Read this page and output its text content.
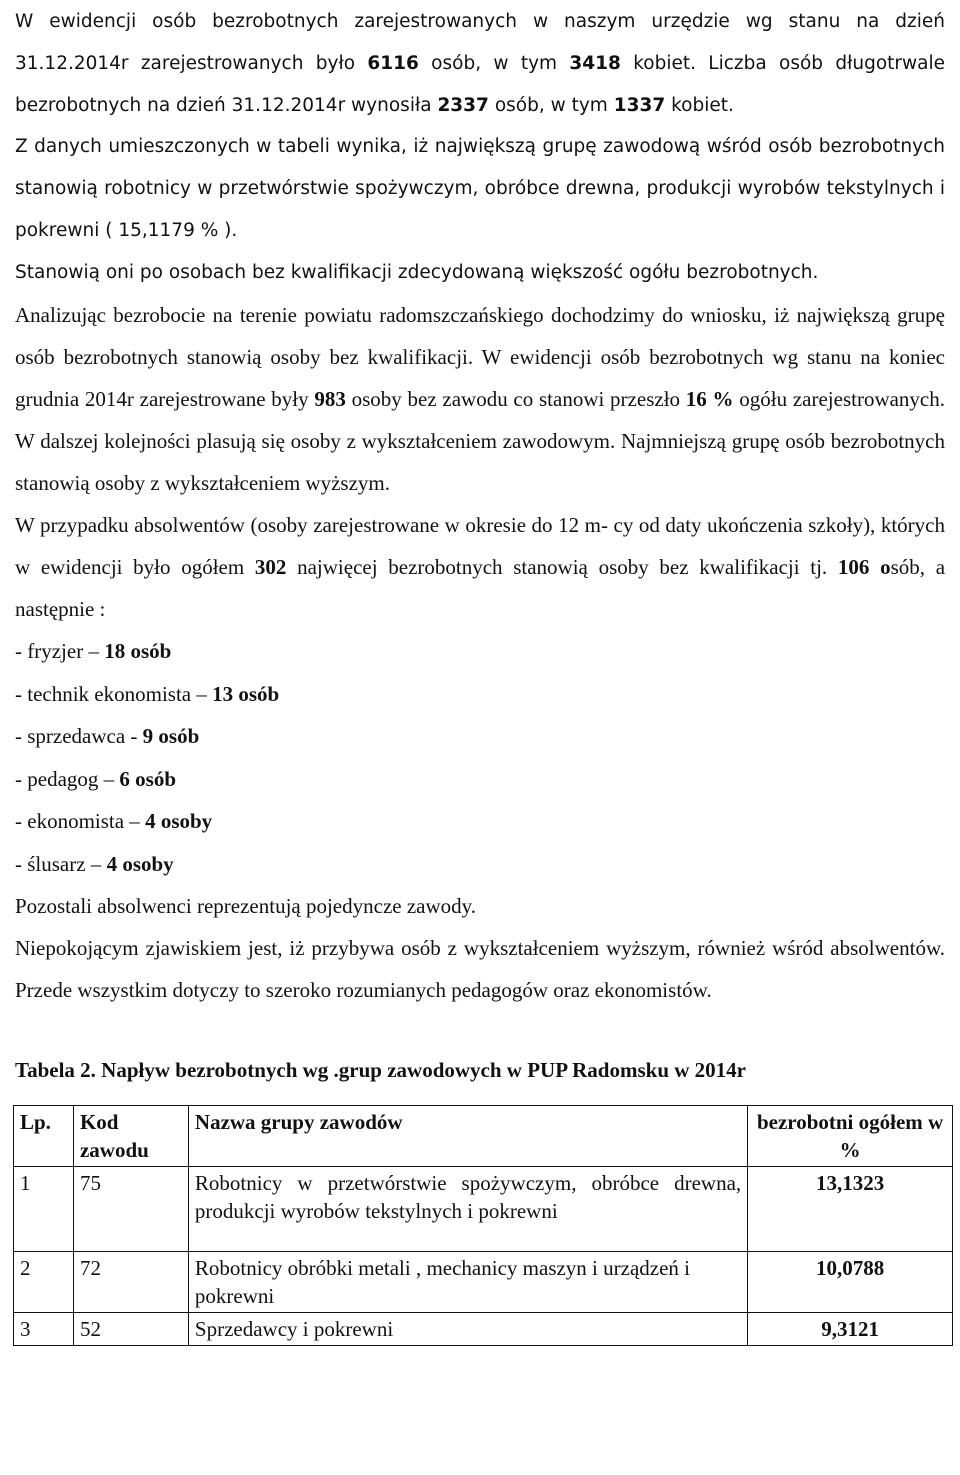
W ewidencji osób bezrobotnych zarejestrowanych w naszym urzędzie wg stanu na dzień 31.12.2014r zarejestrowanych było 6116 osób, w tym 3418 kobiet. Liczba osób długotrwale bezrobotnych na dzień 31.12.2014r wynosiła 2337 osób, w tym 1337 kobiet.

Z danych umieszczonych w tabeli wynika, iż największą grupę zawodową wśród osób bezrobotnych stanowią robotnicy w przetwórstwie spożywczym, obróbce drewna, produkcji wyrobów tekstylnych i pokrewni ( 15,1179 % ).
Stanowią oni po osobach bez kwalifikacji zdecydowaną większość ogółu bezrobotnych.

Analizując bezrobocie na terenie powiatu radomszczańskiego dochodzimy do wniosku, iż największą grupę osób bezrobotnych stanowią osoby bez kwalifikacji. W ewidencji osób bezrobotnych wg stanu na koniec grudnia 2014r zarejestrowane były 983 osoby bez zawodu co stanowi przeszło 16 % ogółu zarejestrowanych. W dalszej kolejności plasują się osoby z wykształceniem zawodowym. Najmniejszą grupę osób bezrobotnych stanowią osoby z wykształceniem wyższym.

W przypadku absolwentów (osoby zarejestrowane w okresie do 12 m- cy od daty ukończenia szkoły), których w ewidencji było ogółem 302 najwięcej bezrobotnych stanowią osoby bez kwalifikacji tj. 106 osób, a następnie :

- fryzjer – 18 osób

- technik ekonomista – 13 osób

- sprzedawca - 9 osób

- pedagog – 6 osób

- ekonomista – 4 osoby

- ślusarz – 4 osoby

Pozostali absolwenci reprezentują pojedyncze zawody.

Niepokojącym zjawiskiem jest, iż przybywa osób z wykształceniem wyższym, również wśród absolwentów. Przede wszystkim dotyczy to szeroko rozumianych pedagogów oraz ekonomistów.

Tabela 2. Napływ bezrobotnych wg .grup zawodowych w PUP Radomsku w 2014r
Lp.	Kod zawodu	Nazwa grupy zawodów	bezrobotni ogółem w %
1	75	Robotnicy w przetwórstwie spożywczym, obróbce drewna, produkcji wyrobów tekstylnych i pokrewni	13,1323
2	72	Robotnicy obróbki metali , mechanicy maszyn i urządzeń i pokrewni	10,0788
3	52	Sprzedawcy i pokrewni	9,3121
